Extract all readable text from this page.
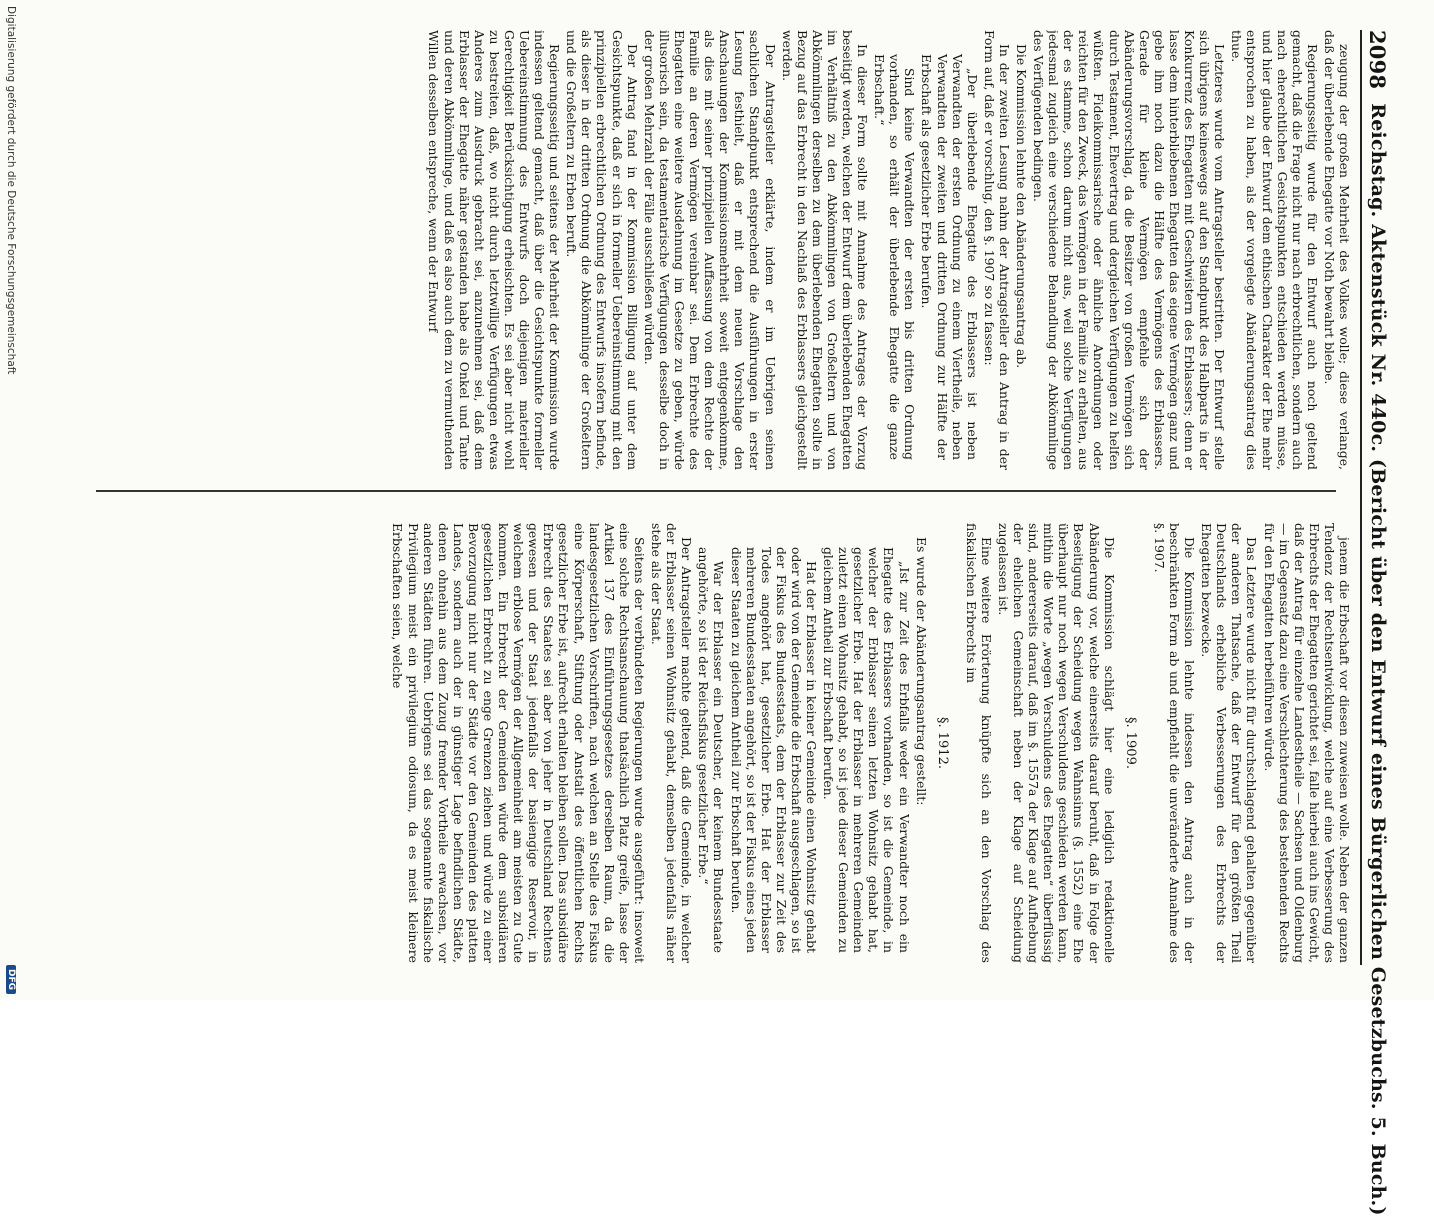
2098
Reichstag. Aktenstück Nr. 440c. (Bericht über den Entwurf eines Bürgerlichen Gesetzbuchs. 5. Buch.)

zeugung der großen Mehrheit des Volkes wolle; diese verlange, daß der überlebende Ehegatte vor Noth bewahrt bleibe.

Regierungsseitig wurde für den Entwurf auch noch geltend gemacht, daß die Frage nicht nur nach erbrechtlichen, sondern auch nach eherechtlichen Gesichtspunkten entschieden werden müsse, und hier glaube der Entwurf dem ethischen Charakter der Ehe mehr entsprochen zu haben, als der vorgelegte Abänderungsantrag dies thue.

Letzteres wurde vom Antragsteller bestritten. Der Entwurf stelle sich übrigens keineswegs auf den Standpunkt des Halbparts in der Konkurrenz des Ehegatten mit Geschwistern des Erblassers; denn er lasse dem hinterbliebenen Ehegatten das eigene Vermögen ganz und gebe ihm noch dazu die Hälfte des Vermögens des Erblassers. Gerade für kleine Vermögen empfehle sich der Abänderungsvorschlag, da die Besitzer von großen Vermögen sich durch Testament, Ehevertrag und dergleichen Verfügungen zu helfen wüßten. Fideikommissarische oder ähnliche Anordnungen oder reichten für den Zweck, das Vermögen in der Familie zu erhalten, aus der es stamme, schon darum nicht aus, weil solche Verfügungen jedesmal zugleich eine verschiedene Behandlung der Abkömmlinge des Verfügenden bedingen.

Die Kommission lehnte den Abänderungsantrag ab.

In der zweiten Lesung nahm der Antragsteller den Antrag in der Form auf, daß er vorschlug, den §. 1907 so zu fassen:

„Der überlebende Ehegatte des Erblassers ist neben Verwandten der ersten Ordnung zu einem Viertheile, neben Verwandten der zweiten und dritten Ordnung zur Hälfte der Erbschaft als gesetzlicher Erbe berufen.

Sind keine Verwandten der ersten bis dritten Ordnung vorhanden, so erhält der überlebende Ehegatte die ganze Erbschaft.“

In dieser Form sollte mit Annahme des Antrages der Vorzug beseitigt werden, welchen der Entwurf dem überlebenden Ehegatten im Verhältniß zu den Abkömmlingen von Großeltern und von Abkömmlingen derselben zu dem überlebenden Ehegatten sollte in Bezug auf das Erbrecht in den Nachlaß des Erblassers gleichgestellt werden.

Der Antragsteller erklärte, indem er im Uebrigen seinen sachlichen Standpunkt entsprechend die Ausführungen in erster Lesung festhielt, daß er mit dem neuen Vorschlage den Anschauungen der Kommissionsmehrheit soweit entgegenkomme, als dies mit seiner prinzipiellen Auffassung von dem Rechte der Familie an deren Vermögen vereinbar sei. Dem Erbrechte des Ehegatten eine weitere Ausdehnung im Gesetze zu geben, würde illusorisch sein, da testamentarische Verfügungen desselbe doch in der großen Mehrzahl der Fälle ausschließen würden.

Der Antrag fand in der Kommission Billigung auf unter dem Gesichtspunkte, daß er sich in formeller Uebereinstimmung mit den prinzipiellen erbrechtlichen Ordnung des Entwurfs insofern befinde, als dieser in der dritten Ordnung die Abkömmlinge der Großeltern und die Großeltern zu Erben beruft.

Regierungsseitig und seitens der Mehrheit der Kommission wurde indessen geltend gemacht, daß über die Gesichtspunkte formeller Uebereinstimmung des Entwurfs doch diejenigen materieller Gerechtigkeit Berücksichtigung erheischten. Es sei aber nicht wohl zu bestreiten, daß, wo nicht durch letztwillige Verfügungen etwas Anderes zum Ausdruck gebracht sei, anzunehmen sei, daß dem Erblasser der Ehegatte näher gestanden habe als Onkel und Tante und deren Abkömmlinge, und daß es also auch dem zu vermuthenden Willen desselben entspreche, wenn der Entwurf

jenem die Erbschaft vor diesen zuweisen wolle. Neben der ganzen Tendenz der Rechtsentwicklung, welche auf eine Verbesserung des Erbrechts der Ehegatten gerichtet sei, falle hierbei auch ins Gewicht, daß der Antrag für einzelne Landestheile — Sachsen und Oldenburg — im Gegensatz dazu eine Verschlechterung des bestehenden Rechts für den Ehegatten herbeiführen würde.

Das Letztere wurde nicht für durchschlagend gehalten gegenüber der anderen Thatsache, daß der Entwurf für den größten Theil Deutschlands erhebliche Verbesserungen des Erbrechts der Ehegatten bezwecke.

Die Kommission lehnte indessen den Antrag auch in der beschränkten Form ab und empfiehlt die unveränderte Annahme des §. 1907.

§. 1909.

Die Kommission schlägt hier eine lediglich redaktionelle Abänderung vor, welche einerseits darauf beruht, daß in Folge der Beseitigung der Scheidung wegen Wahnsinns (§. 1552) eine Ehe überhaupt nur noch wegen Verschuldens geschieden werden kann, mithin die Worte „wegen Verschuldens des Ehegatten“ überflüssig sind, andererseits darauf, daß im §. 1557a der Klage auf Aufhebung der ehelichen Gemeinschaft neben der Klage auf Scheidung zugelassen ist.

Eine weitere Erörterung knüpfte sich an den Vorschlag des fiskalischen Erbrechts im

§. 1912.

Es wurde der Abänderungsantrag gestellt:

„Ist zur Zeit des Erbfalls weder ein Verwandter noch ein Ehegatte des Erblassers vorhanden, so ist die Gemeinde, in welcher der Erblasser seinen letzten Wohnsitz gehabt hat, gesetzlicher Erbe. Hat der Erblasser in mehreren Gemeinden zuletzt einen Wohnsitz gehabt, so ist jede dieser Gemeinden zu gleichem Antheil zur Erbschaft berufen.

Hat der Erblasser in keiner Gemeinde einen Wohnsitz gehabt oder wird von der Gemeinde die Erbschaft ausgeschlagen, so ist der Fiskus des Bundesstaats, dem der Erblasser zur Zeit des Todes angehört hat, gesetzlicher Erbe. Hat der Erblasser mehreren Bundesstaaten angehört, so ist der Fiskus eines jeden dieser Staaten zu gleichem Antheil zur Erbschaft berufen.

War der Erblasser ein Deutscher, der keinem Bundesstaate angehörte, so ist der Reichsfiskus gesetzlicher Erbe.“

Der Antragsteller machte geltend, daß die Gemeinde, in welcher der Erblasser seinen Wohnsitz gehabt, demselben jedenfalls näher stehe als der Staat.

Seitens der verbündeten Regierungen wurde ausgeführt: insoweit eine solche Rechtsanschauung thatsächlich Platz greife, lasse der Artikel 137 des Einführungsgesetzes derselben Raum, da die landesgesetzlichen Vorschriften, nach welchen an Stelle des Fiskus eine Körperschaft, Stiftung oder Anstalt des öffentlichen Rechts gesetzlicher Erbe ist, aufrecht erhalten bleiben sollen. Das subsidiäre Erbrecht des Staates sei aber von jeher in Deutschland Rechtens gewesen und der Staat jedenfalls der basiengige Reservoir, in welchem erblose Vermögen der Allgemeinheit am meisten zu Gute kommen. Ein Erbrecht der Gemeinden würde dem subsidiären gesetzlichen Erbrecht zu enge Grenzen ziehen und würde zu einer Bevorzugung nicht nur der Städte vor den Gemeinden des platten Landes, sondern auch der in günstiger Lage befindlichen Städte, denen ohnehin aus dem Zuzug fremder Vortheile erwachsen, vor anderen Städten führen. Uebrigens sei das sogenannte fiskalische Privilegium meist ein privilegium odiosum, da es meist kleinere Erbschaften seien, welche

Digitalisierung gefördert durch die Deutsche Forschungsgemeinschaft
DFG
